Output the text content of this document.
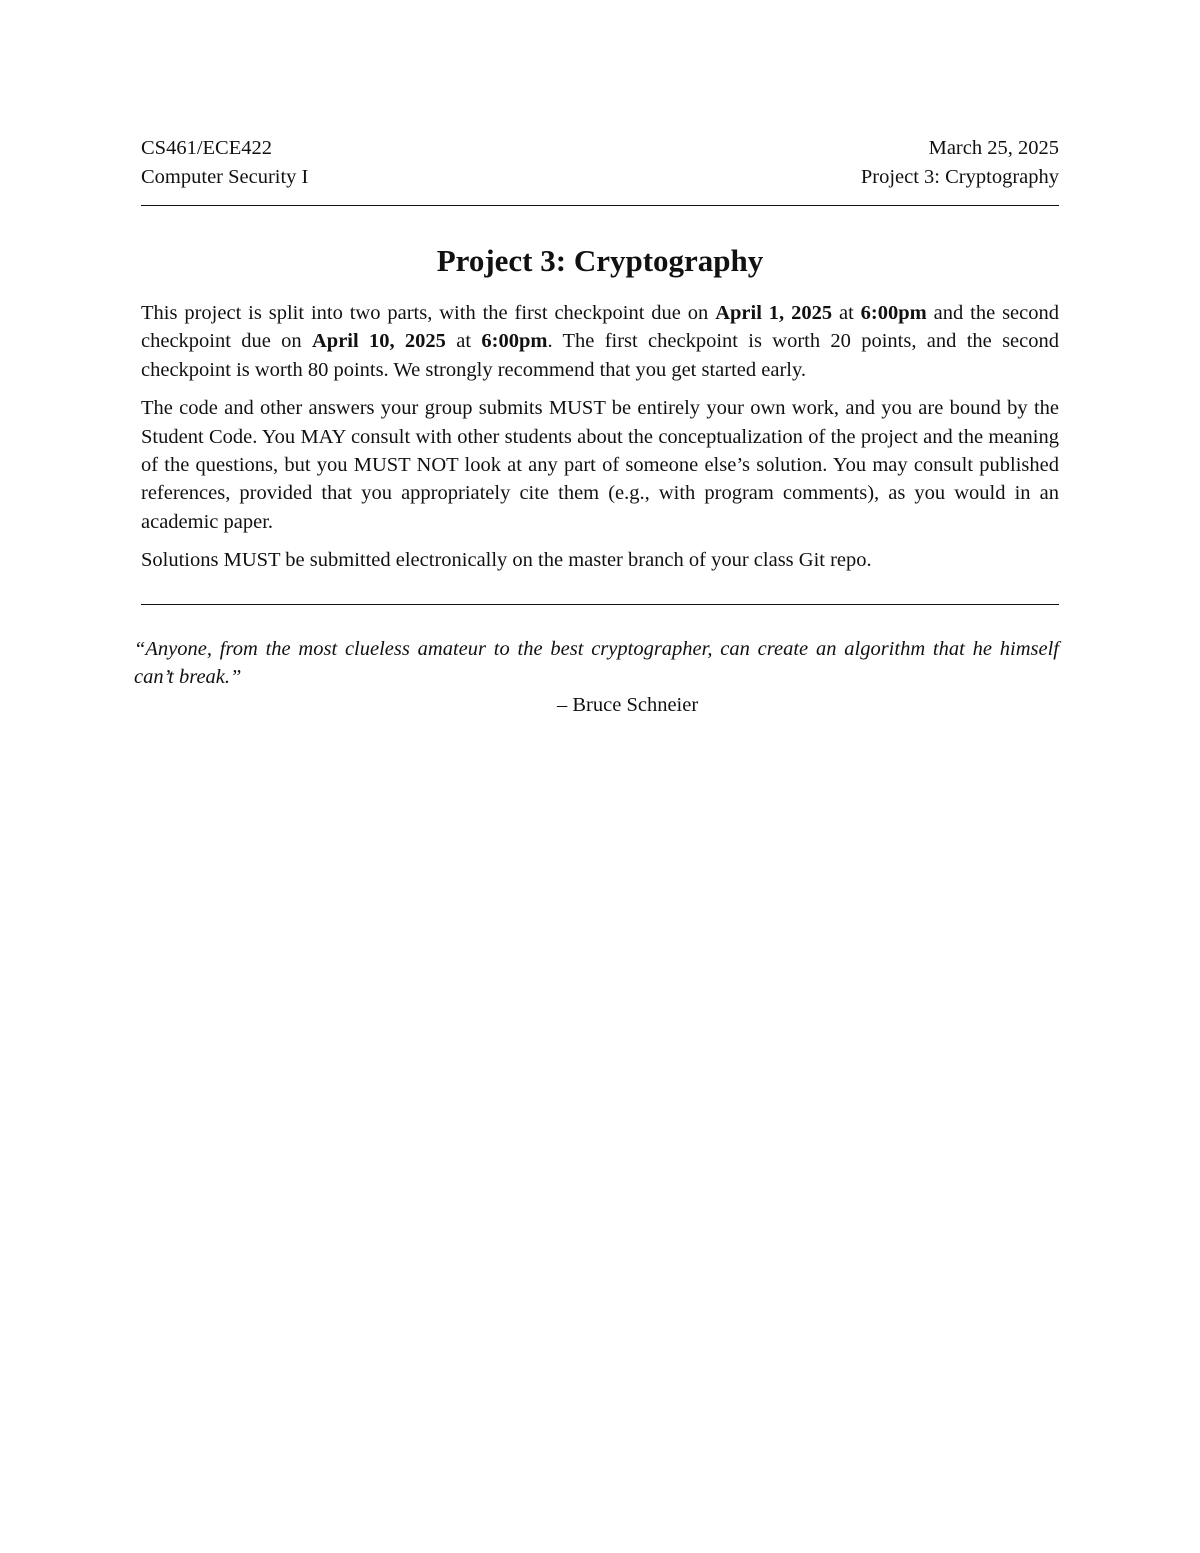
CS461/ECE422
Computer Security I
March 25, 2025
Project 3: Cryptography
Project 3: Cryptography

This project is split into two parts, with the first checkpoint due on April 1, 2025 at 6:00pm and the second checkpoint due on April 10, 2025 at 6:00pm. The first checkpoint is worth 20 points, and the second checkpoint is worth 80 points. We strongly recommend that you get started early.

The code and other answers your group submits MUST be entirely your own work, and you are bound by the Student Code. You MAY consult with other students about the conceptualization of the project and the meaning of the questions, but you MUST NOT look at any part of someone else’s solution. You may consult published references, provided that you appropriately cite them (e.g., with program comments), as you would in an academic paper.

Solutions MUST be submitted electronically on the master branch of your class Git repo.

“Anyone, from the most clueless amateur to the best cryptographer, can create an algorithm that he himself can’t break.”

– Bruce Schneier
